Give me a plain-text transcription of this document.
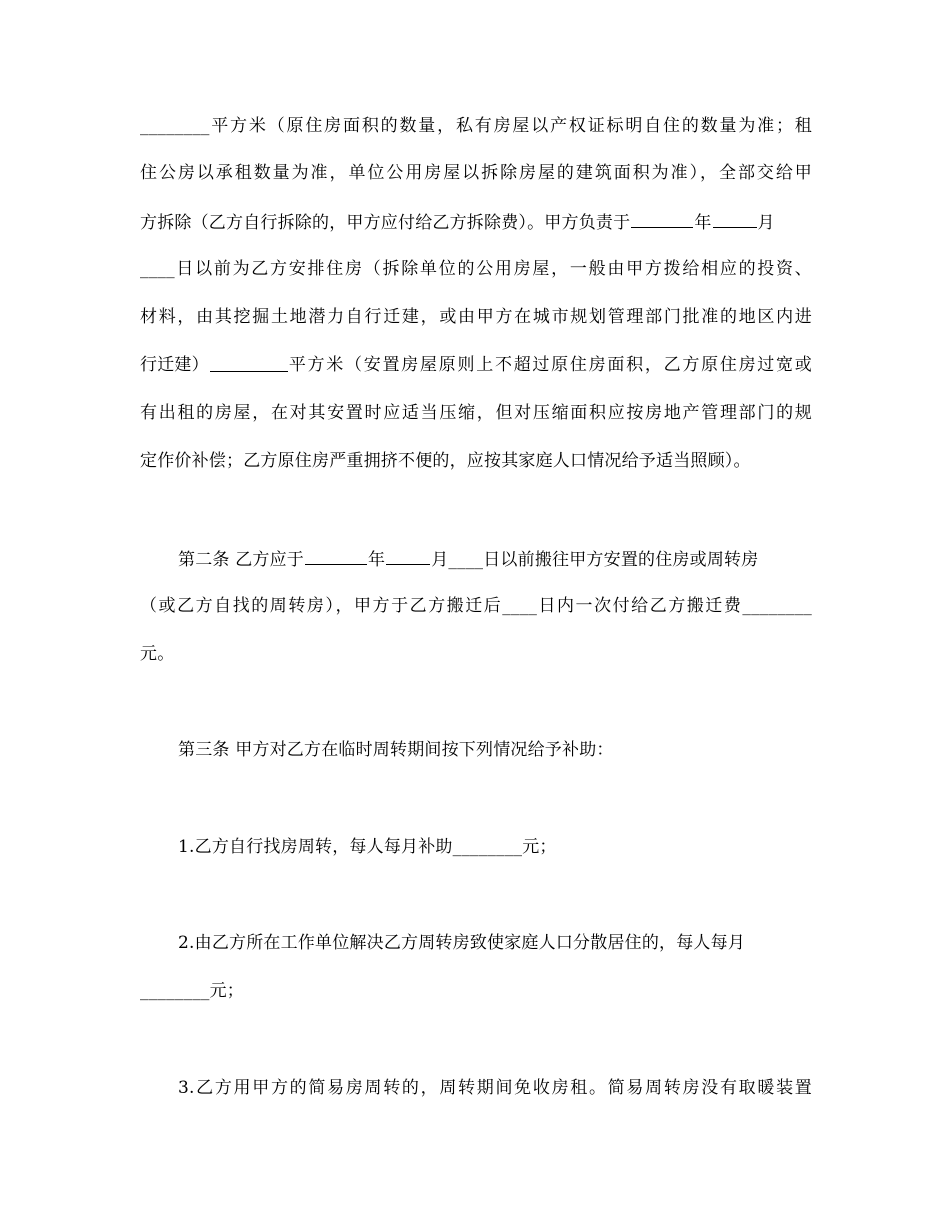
________平方米（原住房面积的数量，私有房屋以产权证标明自住的数量为准；租
住公房以承租数量为准，单位公用房屋以拆除房屋的建筑面积为准），全部交给甲
方拆除（乙方自行拆除的，甲方应付给乙方拆除费）。甲方负责于	年	月
____日以前为乙方安排住房（拆除单位的公用房屋，一般由甲方拨给相应的投资、
材料，由其挖掘土地潜力自行迁建，或由甲方在城市规划管理部门批准的地区内进
行迁建）	平方米（安置房屋原则上不超过原住房面积，乙方原住房过宽或
有出租的房屋，在对其安置时应适当压缩，但对压缩面积应按房地产管理部门的规
定作价补偿；乙方原住房严重拥挤不便的，应按其家庭人口情况给予适当照顾）。
第二条 乙方应于	年	月____日以前搬往甲方安置的住房或周转房
（或乙方自找的周转房），甲方于乙方搬迁后____日内一次付给乙方搬迁费________
元。
第三条 甲方对乙方在临时周转期间按下列情况给予补助：
1.乙方自行找房周转，每人每月补助________元；
2.由乙方所在工作单位解决乙方周转房致使家庭人口分散居住的，每人每月
________元；
3.乙方用甲方的简易房周转的，周转期间免收房租。简易周转房没有取暖装置
